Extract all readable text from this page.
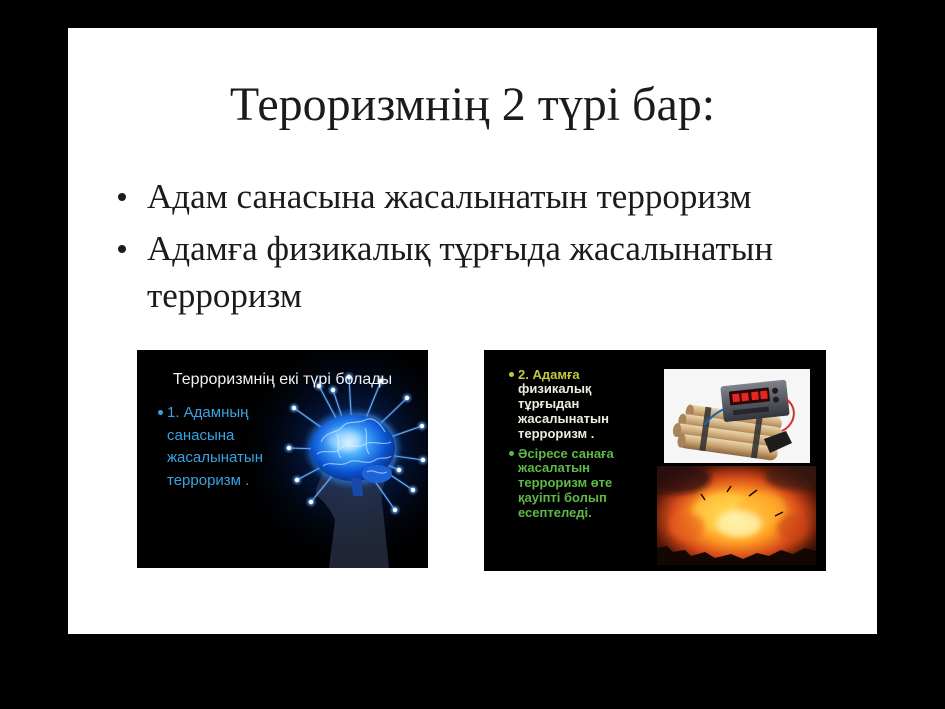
Тероризмнің 2 түрі бар:
Адам санасына жасалынатын терроризм
Адамға физикалық тұрғыда жасалынатын терроризм
Терроризмнің екі түрі болады
1. Адамның
санасына
жасалынатын
терроризм .
2. Адамға
физикалық
тұрғыдан
жасалынатын
терроризм .
Әсіресе санаға
жасалатын
терроризм өте
қауіпті болып
есептеледі.
